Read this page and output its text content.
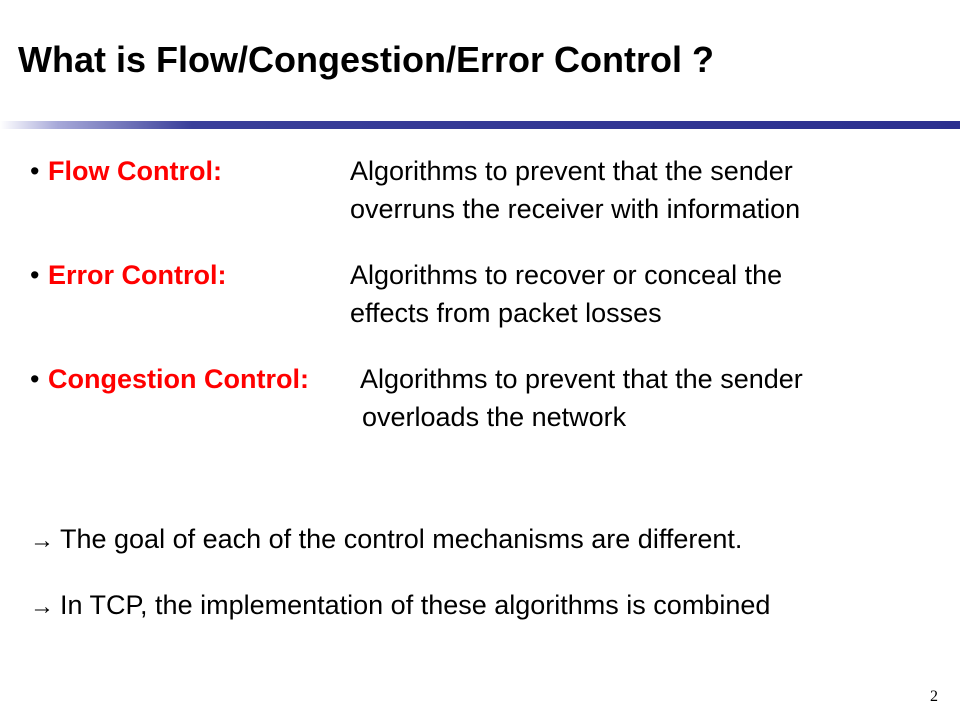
What is Flow/Congestion/Error Control ?
• Flow Control:	Algorithms to prevent that the sender
overruns the receiver with information
• Error Control:	Algorithms to recover or conceal the
effects from packet losses
• Congestion Control: Algorithms to prevent that the sender
overloads the network
→ The goal of each of the control mechanisms are different.
→ In TCP, the implementation of these algorithms is combined
2
